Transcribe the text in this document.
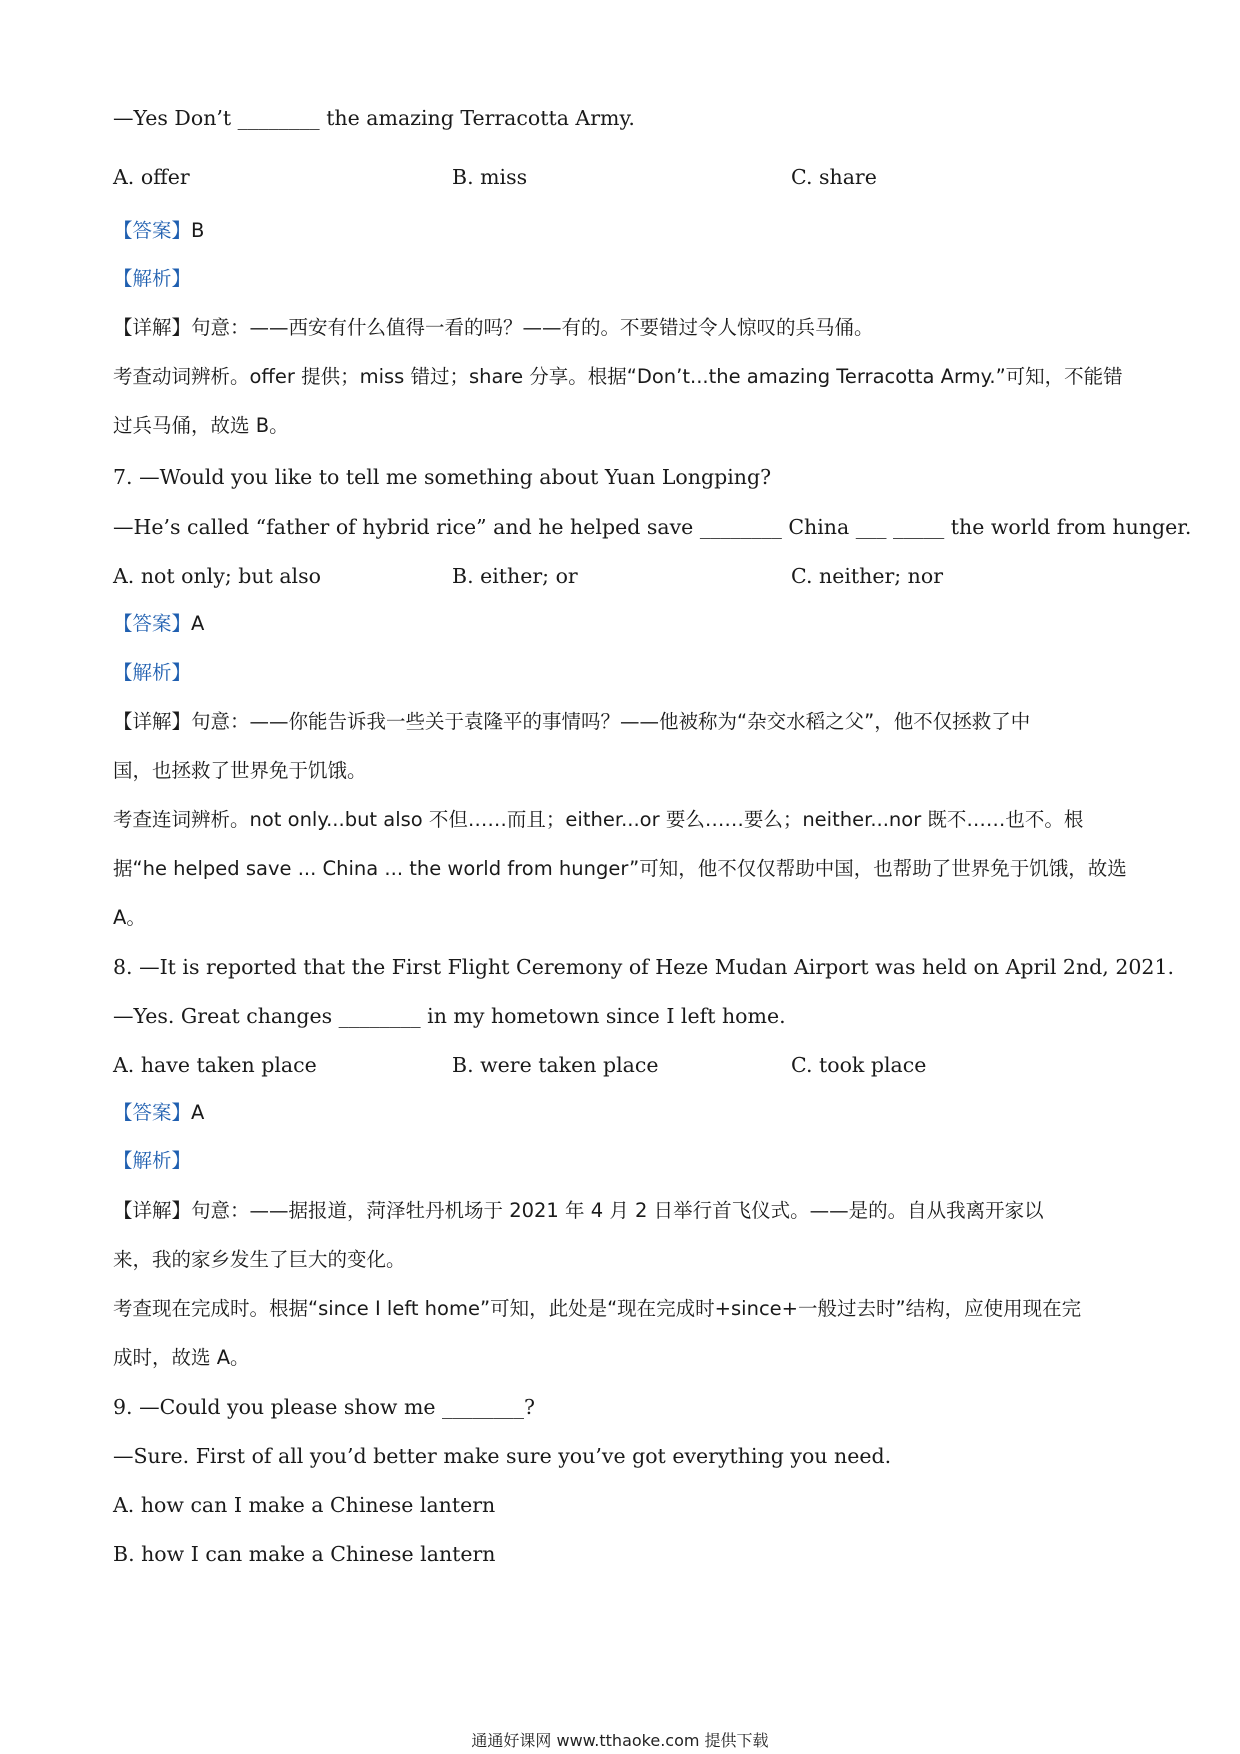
—Yes Don’t ________ the amazing Terracotta Army.
A. offer	B. miss	C. share
【答案】B
【解析】
【详解】句意：——西安有什么值得一看的吗？——有的。不要错过令人惊叹的兵马俑。
考查动词辨析。offer 提供；miss 错过；share 分享。根据“Don’t...the amazing Terracotta Army.”可知，不能错
过兵马俑，故选 B。
7. —Would you like to tell me something about Yuan Longping?
—He’s called “father of hybrid rice” and he helped save ________ China ___ _____ the world from hunger.
A. not only; but also	B. either; or	C. neither; nor
【答案】A
【解析】
【详解】句意：——你能告诉我一些关于袁隆平的事情吗？——他被称为“杂交水稻之父”，他不仅拯救了中
国，也拯救了世界免于饥饿。
考查连词辨析。not only...but also 不但……而且；either...or 要么……要么；neither...nor 既不……也不。根
据“he helped save ... China ... the world from hunger”可知，他不仅仅帮助中国，也帮助了世界免于饥饿，故选
A。
8. —It is reported that the First Flight Ceremony of Heze Mudan Airport was held on April 2nd, 2021.
—Yes. Great changes ________ in my hometown since I left home.
A. have taken place	B. were taken place	C. took place
【答案】A
【解析】
【详解】句意：——据报道，菏泽牡丹机场于 2021 年 4 月 2 日举行首飞仪式。——是的。自从我离开家以
来，我的家乡发生了巨大的变化。
考查现在完成时。根据“since I left home”可知，此处是“现在完成时+since+一般过去时”结构，应使用现在完
成时，故选 A。
9. —Could you please show me ________?
—Sure. First of all you’d better make sure you’ve got everything you need.
A. how can I make a Chinese lantern
B. how I can make a Chinese lantern
通通好课网 www.tthaoke.com 提供下载
